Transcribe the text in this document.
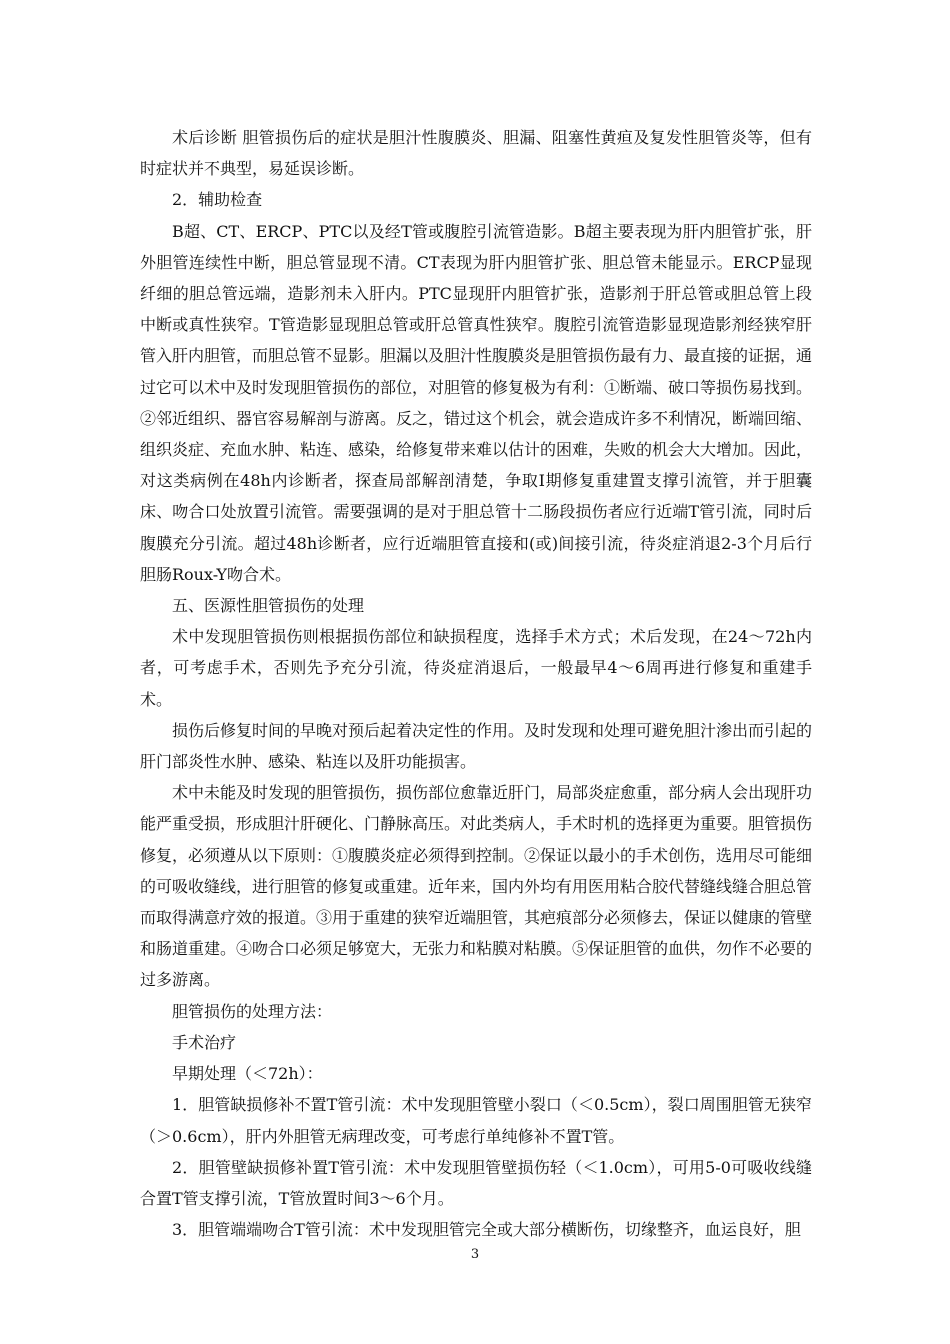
术后诊断 胆管损伤后的症状是胆汁性腹膜炎、胆漏、阻塞性黄疸及复发性胆管炎等，但有时症状并不典型，易延误诊断。

2．辅助检查

B超、CT、ERCP、PTC以及经T管或腹腔引流管造影。B超主要表现为肝内胆管扩张，肝外胆管连续性中断，胆总管显现不清。CT表现为肝内胆管扩张、胆总管未能显示。ERCP显现纤细的胆总管远端，造影剂未入肝内。PTC显现肝内胆管扩张，造影剂于肝总管或胆总管上段中断或真性狭窄。T管造影显现胆总管或肝总管真性狭窄。腹腔引流管造影显现造影剂经狭窄肝管入肝内胆管，而胆总管不显影。胆漏以及胆汁性腹膜炎是胆管损伤最有力、最直接的证据，通过它可以术中及时发现胆管损伤的部位，对胆管的修复极为有利：①断端、破口等损伤易找到。②邻近组织、器官容易解剖与游离。反之，错过这个机会，就会造成许多不利情况，断端回缩、组织炎症、充血水肿、粘连、感染，给修复带来难以估计的困难，失败的机会大大增加。因此，对这类病例在48h内诊断者，探查局部解剖清楚，争取Ⅰ期修复重建置支撑引流管，并于胆囊床、吻合口处放置引流管。需要强调的是对于胆总管十二肠段损伤者应行近端T管引流，同时后腹膜充分引流。超过48h诊断者，应行近端胆管直接和(或)间接引流，待炎症消退2-3个月后行胆肠Roux-Y吻合术。

五、医源性胆管损伤的处理

术中发现胆管损伤则根据损伤部位和缺损程度，选择手术方式；术后发现，在24～72h内者，可考虑手术，否则先予充分引流，待炎症消退后，一般最早4～6周再进行修复和重建手术。

损伤后修复时间的早晚对预后起着决定性的作用。及时发现和处理可避免胆汁渗出而引起的肝门部炎性水肿、感染、粘连以及肝功能损害。

术中未能及时发现的胆管损伤，损伤部位愈靠近肝门，局部炎症愈重，部分病人会出现肝功能严重受损，形成胆汁肝硬化、门静脉高压。对此类病人，手术时机的选择更为重要。胆管损伤修复，必须遵从以下原则：①腹膜炎症必须得到控制。②保证以最小的手术创伤，选用尽可能细的可吸收缝线，进行胆管的修复或重建。近年来，国内外均有用医用粘合胶代替缝线缝合胆总管而取得满意疗效的报道。③用于重建的狭窄近端胆管，其疤痕部分必须修去，保证以健康的管壁和肠道重建。④吻合口必须足够宽大，无张力和粘膜对粘膜。⑤保证胆管的血供，勿作不必要的过多游离。

胆管损伤的处理方法：

手术治疗

早期处理（＜72h）：

1．胆管缺损修补不置T管引流：术中发现胆管壁小裂口（＜0.5cm），裂口周围胆管无狭窄（＞0.6cm），肝内外胆管无病理改变，可考虑行单纯修补不置T管。

2．胆管壁缺损修补置T管引流：术中发现胆管壁损伤轻（＜1.0cm），可用5-0可吸收线缝合置T管支撑引流，T管放置时间3～6个月。

3．胆管端端吻合T管引流：术中发现胆管完全或大部分横断伤，切缘整齐，血运良好，胆

3
